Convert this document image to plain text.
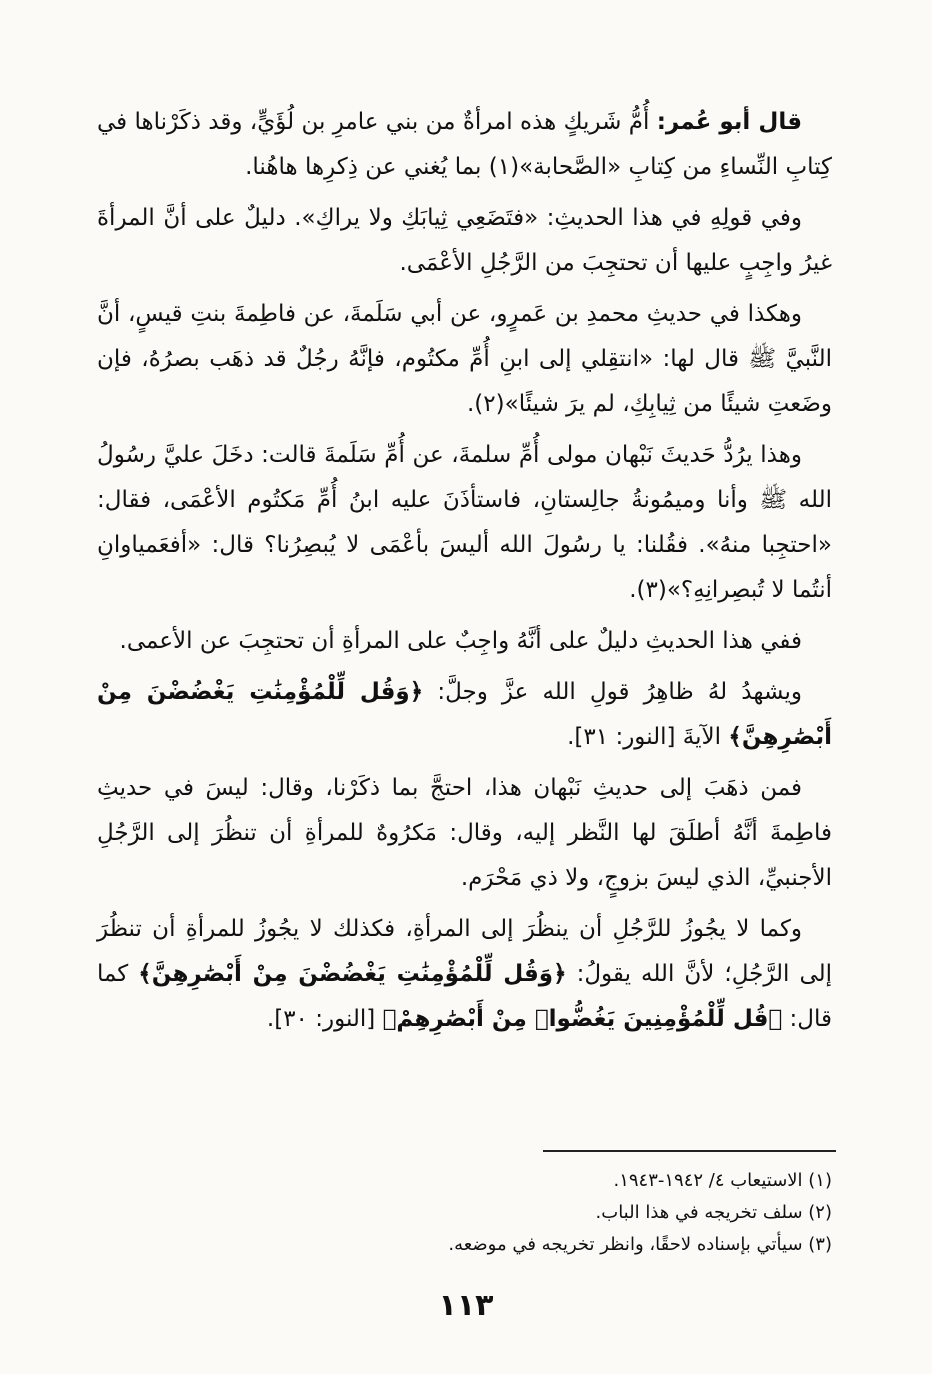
قال أبو عُمر: أُمُّ شَريكٍ هذه امرأةٌ من بني عامرِ بن لُؤَيٍّ، وقد ذكَرْناها في كِتابِ النِّساءِ من كِتابِ «الصَّحابة»(١) بما يُغني عن ذِكرِها هاهُنا.

وفي قولِهِ في هذا الحديثِ: «فتَضَعِي ثِيابَكِ ولا يراكِ». دليلٌ على أنَّ المرأةَ غيرُ واجِبٍ عليها أن تحتجِبَ من الرَّجُلِ الأعْمَى.

وهكذا في حديثِ محمدِ بن عَمرٍو، عن أبي سَلَمةَ، عن فاطِمةَ بنتِ قيسٍ، أنَّ النَّبيَّ ﷺ قال لها: «انتقِلي إلى ابنِ أُمِّ مكتُوم، فإنَّهُ رجُلٌ قد ذهَب بصرُهُ، فإن وضَعتِ شيئًا من ثِيابِكِ، لم يرَ شيئًا»(٢).

وهذا يرُدُّ حَديثَ نَبْهان مولى أُمِّ سلمةَ، عن أُمِّ سَلَمةَ قالت: دخَلَ عليَّ رسُولُ الله ﷺ وأنا وميمُونةُ جالِستانِ، فاستأذَنَ عليه ابنُ أُمِّ مَكتُوم الأعْمَى، فقال: «احتجِبا منهُ». فقُلنا: يا رسُولَ الله أليسَ بأعْمَى لا يُبصِرُنا؟ قال: «أفعَمياوانِ أنتُما لا تُبصِرانِهِ؟»(٣).

ففي هذا الحديثِ دليلٌ على أنَّهُ واجِبٌ على المرأةِ أن تحتجِبَ عن الأعمى.

ويشهدُ لهُ ظاهِرُ قولِ الله عزَّ وجلَّ: ﴿وَقُل لِّلْمُؤْمِنَٰتِ يَغْضُضْنَ مِنْ أَبْصَٰرِهِنَّ﴾ الآيةَ [النور: ٣١].

فمن ذهَبَ إلى حديثِ نَبْهان هذا، احتجَّ بما ذكَرْنا، وقال: ليسَ في حديثِ فاطِمةَ أنَّهُ أطلَقَ لها النَّظر إليه، وقال: مَكرُوهٌ للمرأةِ أن تنظُرَ إلى الرَّجُلِ الأجنبيِّ، الذي ليسَ بزوجٍ، ولا ذي مَحْرَم.

وكما لا يجُوزُ للرَّجُلِ أن ينظُرَ إلى المرأةِ، فكذلك لا يجُوزُ للمرأةِ أن تنظُرَ إلى الرَّجُلِ؛ لأنَّ الله يقولُ: ﴿وَقُل لِّلْمُؤْمِنَٰتِ يَغْضُضْنَ مِنْ أَبْصَٰرِهِنَّ﴾ كما قال: ﴿قُل لِّلْمُؤْمِنِينَ يَغُضُّوا۟ مِنْ أَبْصَٰرِهِمْ﴾ [النور: ٣٠].

(١) الاستيعاب ٤/ ١٩٤٢-١٩٤٣.

(٢) سلف تخريجه في هذا الباب.

(٣) سيأتي بإسناده لاحقًا، وانظر تخريجه في موضعه.

١١٣
